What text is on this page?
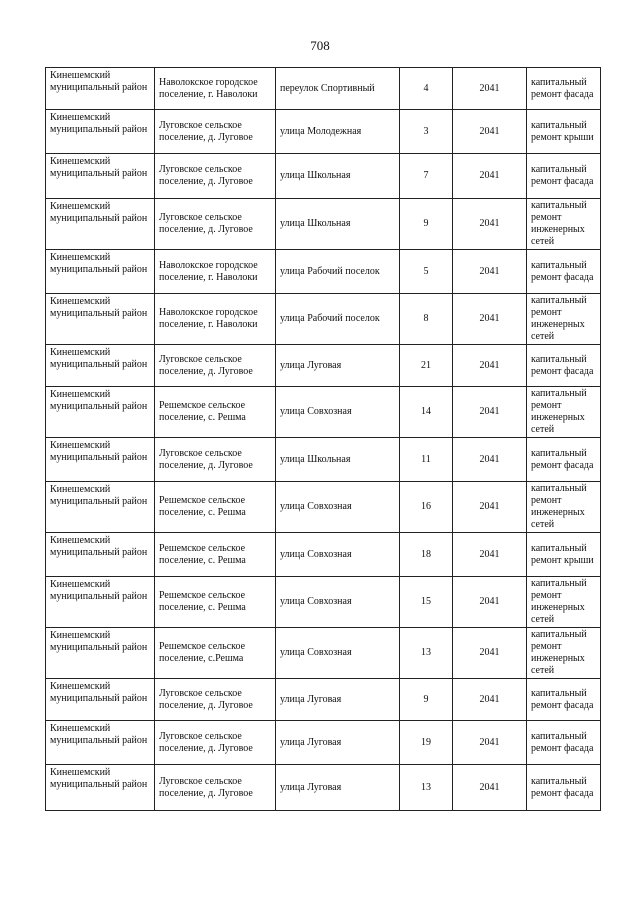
708
Кинешемский муниципальный район	Наволокское городское поселение, г. Наволоки	переулок Спортивный	4	2041	капитальный ремонт фасада
Кинешемский муниципальный район	Луговское сельское поселение, д. Луговое	улица Молодежная	3	2041	капитальный ремонт крыши
Кинешемский муниципальный район	Луговское сельское поселение, д. Луговое	улица Школьная	7	2041	капитальный ремонт фасада
Кинешемский муниципальный район	Луговское сельское поселение, д. Луговое	улица Школьная	9	2041	капитальный ремонт инженерных сетей
Кинешемский муниципальный район	Наволокское городское поселение, г. Наволоки	улица Рабочий поселок	5	2041	капитальный ремонт фасада
Кинешемский муниципальный район	Наволокское городское поселение, г. Наволоки	улица Рабочий поселок	8	2041	капитальный ремонт инженерных сетей
Кинешемский муниципальный район	Луговское сельское поселение, д. Луговое	улица Луговая	21	2041	капитальный ремонт фасада
Кинешемский муниципальный район	Решемское сельское поселение, с. Решма	улица Совхозная	14	2041	капитальный ремонт инженерных сетей
Кинешемский муниципальный район	Луговское сельское поселение, д. Луговое	улица Школьная	11	2041	капитальный ремонт фасада
Кинешемский муниципальный район	Решемское сельское поселение, с. Решма	улица Совхозная	16	2041	капитальный ремонт инженерных сетей
Кинешемский муниципальный район	Решемское сельское поселение, с. Решма	улица Совхозная	18	2041	капитальный ремонт крыши
Кинешемский муниципальный район	Решемское сельское поселение, с. Решма	улица Совхозная	15	2041	капитальный ремонт инженерных сетей
Кинешемский муниципальный район	Решемское сельское поселение, с.Решма	улица Совхозная	13	2041	капитальный ремонт инженерных сетей
Кинешемский муниципальный район	Луговское сельское поселение, д. Луговое	улица Луговая	9	2041	капитальный ремонт фасада
Кинешемский муниципальный район	Луговское сельское поселение, д. Луговое	улица Луговая	19	2041	капитальный ремонт фасада
Кинешемский муниципальный район	Луговское сельское поселение, д. Луговое	улица Луговая	13	2041	капитальный ремонт фасада
